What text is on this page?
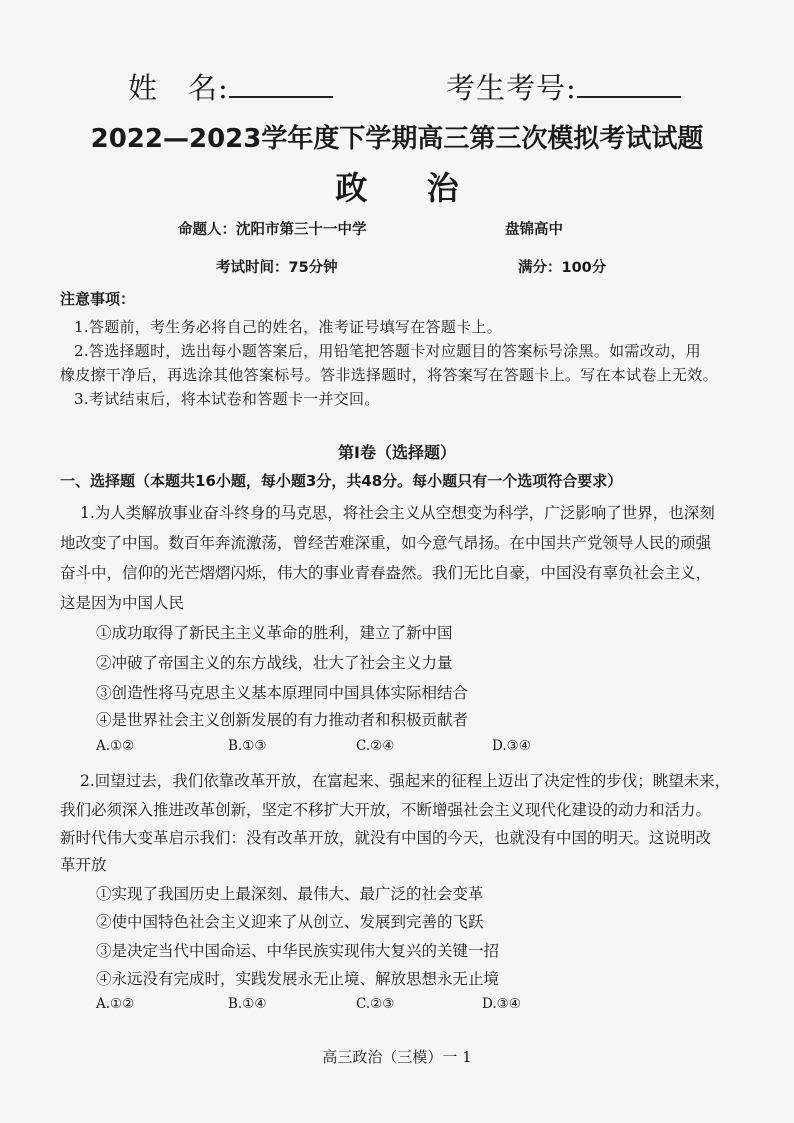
姓　名:	考生考号:
2022—2023学年度下学期高三第三次模拟考试试题
政 治
命题人：沈阳市第三十一中学	盘锦高中
考试时间：75分钟	满分：100分
注意事项：
1.答题前，考生务必将自己的姓名，准考证号填写在答题卡上。
2.答选择题时，选出每小题答案后，用铅笔把答题卡对应题目的答案标号涂黑。如需改动，用
橡皮擦干净后，再选涂其他答案标号。答非选择题时，将答案写在答题卡上。写在本试卷上无效。
3.考试结束后，将本试卷和答题卡一并交回。
第Ⅰ卷（选择题）
一、选择题（本题共16小题，每小题3分，共48分。每小题只有一个选项符合要求）
1.为人类解放事业奋斗终身的马克思，将社会主义从空想变为科学，广泛影响了世界，也深刻
地改变了中国。数百年奔流激荡，曾经苦难深重，如今意气昂扬。在中国共产党领导人民的顽强
奋斗中，信仰的光芒熠熠闪烁，伟大的事业青春盎然。我们无比自豪，中国没有辜负社会主义，
这是因为中国人民
①成功取得了新民主主义革命的胜利，建立了新中国
②冲破了帝国主义的东方战线，壮大了社会主义力量
③创造性将马克思主义基本原理同中国具体实际相结合
④是世界社会主义创新发展的有力推动者和积极贡献者
A.①②	B.①③	C.②④	D.③④
2.回望过去，我们依靠改革开放，在富起来、强起来的征程上迈出了决定性的步伐；眺望未来，
我们必须深入推进改革创新，坚定不移扩大开放，不断增强社会主义现代化建设的动力和活力。
新时代伟大变革启示我们：没有改革开放，就没有中国的今天，也就没有中国的明天。这说明改
革开放
①实现了我国历史上最深刻、最伟大、最广泛的社会变革
②使中国特色社会主义迎来了从创立、发展到完善的飞跃
③是决定当代中国命运、中华民族实现伟大复兴的关键一招
④永远没有完成时，实践发展永无止境、解放思想永无止境
A.①②	B.①④	C.②③	D.③④
高三政治（三模）一 1
